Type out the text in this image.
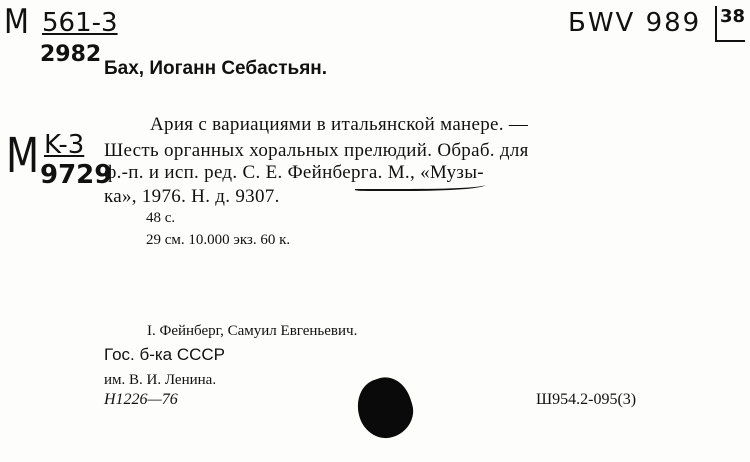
M 561-3
2982
M K-3
9729
БWV 989 38
Бах, Иоганн Себастьян.
Ария с вариациями в итальянской манере. —
Шесть органных хоральных прелюдий. Обраб. для
ф.-п. и исп. ред. С. Е. Фейнберга. М., «Музы-
ка», 1976. Н. д. 9307.
48 с.
29 см. 10.000 экз. 60 к.
I. Фейнберг, Самуил Евгеньевич.
Гос. б-ка СССР
им. В. И. Ленина.
Н1226—76	Ш954.2-095(3)
